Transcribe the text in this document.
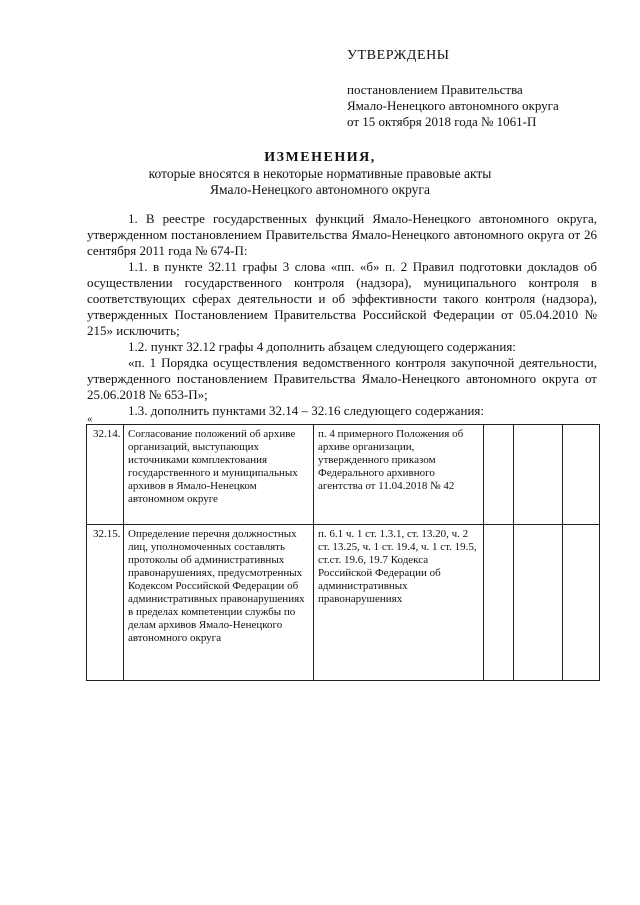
УТВЕРЖДЕНЫ
постановлением Правительства
Ямало-Ненецкого автономного округа
от 15 октября 2018 года № 1061-П
ИЗМЕНЕНИЯ,
которые вносятся в некоторые нормативные правовые акты
Ямало-Ненецкого автономного округа

1. В реестре государственных функций Ямало-Ненецкого автономного округа, утвержденном постановлением Правительства Ямало-Ненецкого автономного округа от 26 сентября 2011 года № 674-П:

1.1. в пункте 32.11 графы 3 слова «пп. «б» п. 2 Правил подготовки докладов об осуществлении государственного контроля (надзора), муниципального контроля в соответствующих сферах деятельности и об эффективности такого контроля (надзора), утвержденных Постановлением Правительства Российской Федерации от 05.04.2010 № 215» исключить;

1.2. пункт 32.12 графы 4 дополнить абзацем следующего содержания:

«п. 1 Порядка осуществления ведомственного контроля закупочной деятельности, утвержденного постановлением Правительства Ямало-Ненецкого автономного округа от 25.06.2018 № 653-П»;

1.3. дополнить пунктами 32.14 – 32.16 следующего содержания:

«
32.14.	Согласование положений об архиве организаций, выступающих источниками комплектования государственного и муниципальных архивов в Ямало-Ненецком автономном округе	п. 4 примерного Положения об архиве организации, утвержденного приказом Федерального архивного агентства от 11.04.2018 № 42			
32.15.	Определение перечня должностных лиц, уполномоченных составлять протоколы об административных правонарушениях, предусмотренных Кодексом Российской Федерации об административных правонарушениях в пределах компетенции службы по делам архивов Ямало-Ненецкого автономного округа	п. 6.1 ч. 1 ст. 1.3.1, ст. 13.20, ч. 2 ст. 13.25, ч. 1 ст. 19.4, ч. 1 ст. 19.5, ст.ст. 19.6, 19.7 Кодекса Российской Федерации об административных правонарушениях			
